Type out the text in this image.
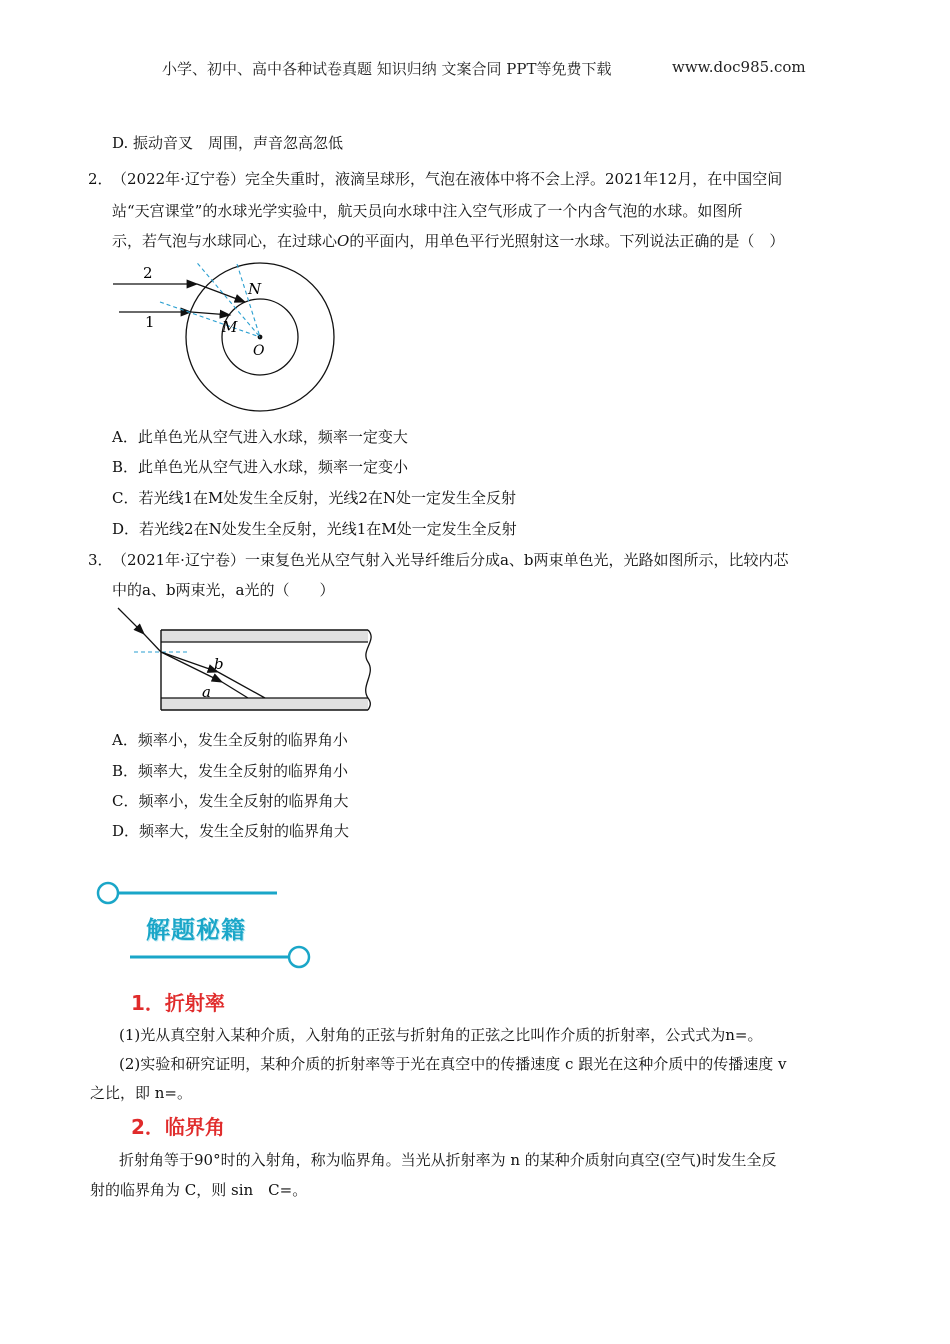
小学、初中、高中各种试卷真题 知识归纳 文案合同 PPT等免费下载	www.doc985.com
D. 振动音叉　周围，声音忽高忽低
2． （2022年·辽宁卷）完全失重时，液滴呈球形，气泡在液体中将不会上浮。2021年12月，在中国空间
站“天宫课堂”的水球光学实验中，航天员向水球中注入空气形成了一个内含气泡的水球。如图所
示，若气泡与水球同心，在过球心O的平面内，用单色平行光照射这一水球。下列说法正确的是（　）
2
1
N
M
O
A．此单色光从空气进入水球，频率一定变大
B．此单色光从空气进入水球，频率一定变小
C．若光线1在M处发生全反射，光线2在N处一定发生全反射
D．若光线2在N处发生全反射，光线1在M处一定发生全反射
3． （2021年·辽宁卷）一束复色光从空气射入光导纤维后分成a、b两束单色光，光路如图所示，比较内芯
中的a、b两束光，a光的（　　）
b
a
A．频率小，发生全反射的临界角小
B．频率大，发生全反射的临界角小
C．频率小，发生全反射的临界角大
D．频率大，发生全反射的临界角大
解题秘籍
1．折射率
(1)光从真空射入某种介质，入射角的正弦与折射角的正弦之比叫作介质的折射率，公式式为n=。
(2)实验和研究证明，某种介质的折射率等于光在真空中的传播速度 c 跟光在这种介质中的传播速度 v
之比，即 n=。
2．临界角
折射角等于90°时的入射角，称为临界角。当光从折射率为 n 的某种介质射向真空(空气)时发生全反
射的临界角为 C，则 sin　C=。
